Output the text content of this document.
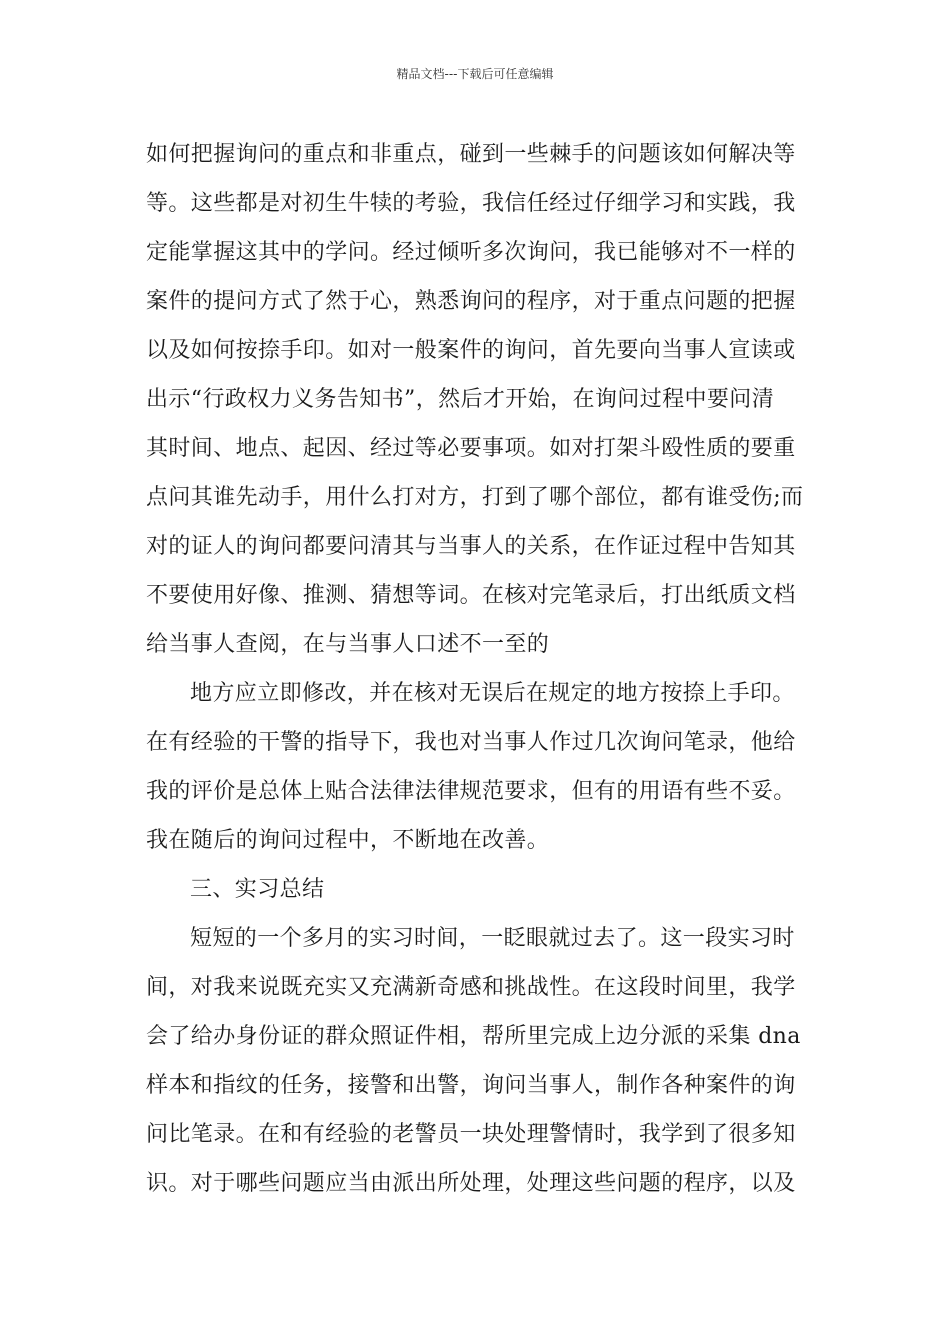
精品文档---下载后可任意编辑
如何把握询问的重点和非重点，碰到一些棘手的问题该如何解决等
等。这些都是对初生牛犊的考验，我信任经过仔细学习和实践，我
定能掌握这其中的学问。经过倾听多次询问，我已能够对不一样的
案件的提问方式了然于心，熟悉询问的程序，对于重点问题的把握
以及如何按捺手印。如对一般案件的询问，首先要向当事人宣读或
出示“行政权力义务告知书”，然后才开始，在询问过程中要问清
其时间、地点、起因、经过等必要事项。如对打架斗殴性质的要重
点问其谁先动手，用什么打对方，打到了哪个部位，都有谁受伤;而
对的证人的询问都要问清其与当事人的关系，在作证过程中告知其
不要使用好像、推测、猜想等词。在核对完笔录后，打出纸质文档
给当事人查阅，在与当事人口述不一至的
地方应立即修改，并在核对无误后在规定的地方按捺上手印。
在有经验的干警的指导下，我也对当事人作过几次询问笔录，他给
我的评价是总体上贴合法律法律规范要求，但有的用语有些不妥。
我在随后的询问过程中，不断地在改善。
三、实习总结
短短的一个多月的实习时间，一眨眼就过去了。这一段实习时
间，对我来说既充实又充满新奇感和挑战性。在这段时间里，我学
会了给办身份证的群众照证件相，帮所里完成上边分派的采集 dna
样本和指纹的任务，接警和出警，询问当事人，制作各种案件的询
问比笔录。在和有经验的老警员一块处理警情时，我学到了很多知
识。对于哪些问题应当由派出所处理，处理这些问题的程序，以及
